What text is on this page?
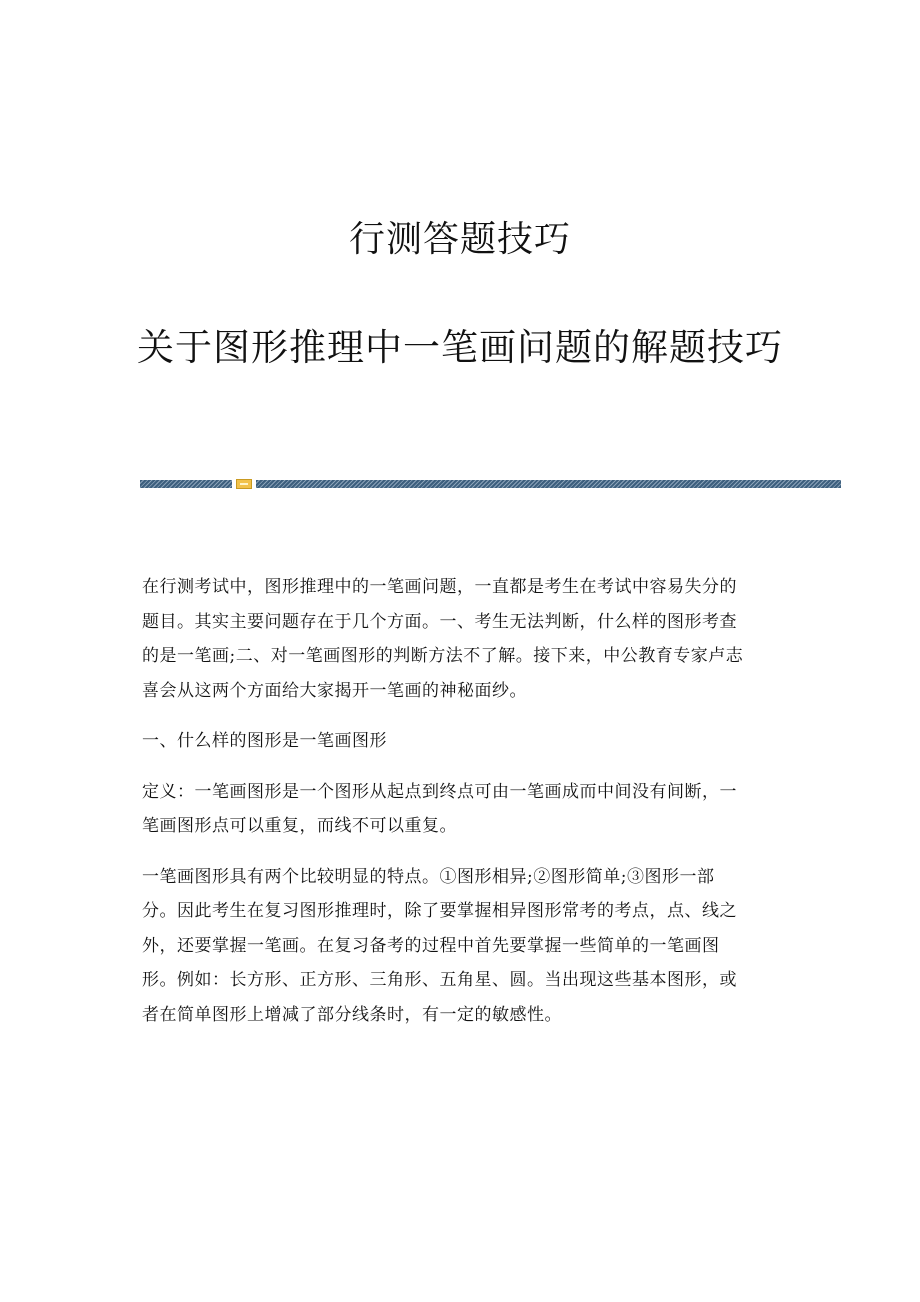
行测答题技巧
关于图形推理中一笔画问题的解题技巧

在行测考试中，图形推理中的一笔画问题，一直都是考生在考试中容易失分的
题目。其实主要问题存在于几个方面。一、考生无法判断，什么样的图形考查
的是一笔画;二、对一笔画图形的判断方法不了解。接下来，中公教育专家卢志
喜会从这两个方面给大家揭开一笔画的神秘面纱。

一、什么样的图形是一笔画图形

定义：一笔画图形是一个图形从起点到终点可由一笔画成而中间没有间断，一
笔画图形点可以重复，而线不可以重复。

一笔画图形具有两个比较明显的特点。①图形相异;②图形简单;③图形一部
分。因此考生在复习图形推理时，除了要掌握相异图形常考的考点，点、线之
外，还要掌握一笔画。在复习备考的过程中首先要掌握一些简单的一笔画图
形。例如：长方形、正方形、三角形、五角星、圆。当出现这些基本图形，或
者在简单图形上增减了部分线条时，有一定的敏感性。
